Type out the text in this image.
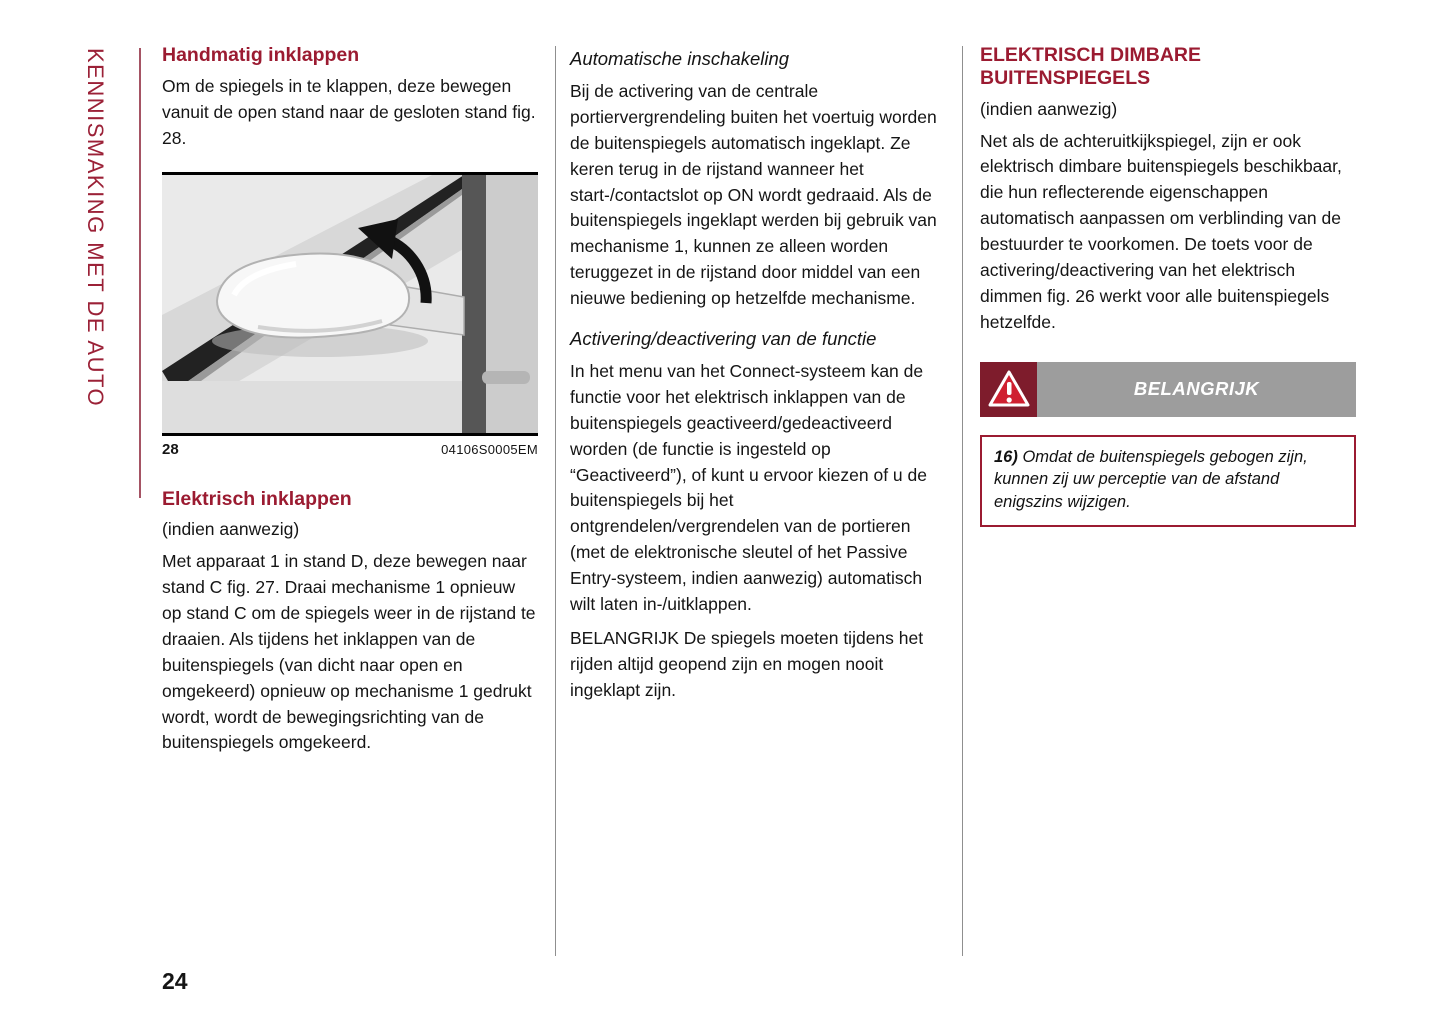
KENNISMAKING MET DE AUTO	Handmatig inklappen

Om de spiegels in te klappen, deze bewegen vanuit de open stand naar de gesloten stand fig. 28.

28	04106S0005EM
Elektrisch inklappen
(indien aanwezig)

Met apparaat 1 in stand D, deze bewegen naar stand C fig. 27. Draai mechanisme 1 opnieuw op stand C om de spiegels weer in de rijstand te draaien. Als tijdens het inklappen van de buitenspiegels (van dicht naar open en omgekeerd) opnieuw op mechanisme 1 gedrukt wordt, wordt de bewegingsrichting van de buitenspiegels omgekeerd.

Automatische inschakeling

Bij de activering van de centrale portiervergrendeling buiten het voertuig worden de buitenspiegels automatisch ingeklapt. Ze keren terug in de rijstand wanneer het start-/contactslot op ON wordt gedraaid. Als de buitenspiegels ingeklapt werden bij gebruik van mechanisme 1, kunnen ze alleen worden teruggezet in de rijstand door middel van een nieuwe bediening op hetzelfde mechanisme.

Activering/deactivering van de functie

In het menu van het Connect-systeem kan de functie voor het elektrisch inklappen van de buitenspiegels geactiveerd/gedeactiveerd worden (de functie is ingesteld op “Geactiveerd”), of kunt u ervoor kiezen of u de buitenspiegels bij het ontgrendelen/vergrendelen van de portieren (met de elektronische sleutel of het Passive Entry-systeem, indien aanwezig) automatisch wilt laten in-/uitklappen.

BELANGRIJK De spiegels moeten tijdens het rijden altijd geopend zijn en mogen nooit ingeklapt zijn.

ELEKTRISCH DIMBARE BUITENSPIEGELS
(indien aanwezig)

Net als de achteruitkijkspiegel, zijn er ook elektrisch dimbare buitenspiegels beschikbaar, die hun reflecterende eigenschappen automatisch aanpassen om verblinding van de bestuurder te voorkomen. De toets voor de activering/deactivering van het elektrisch dimmen fig. 26 werkt voor alle buitenspiegels hetzelfde.

BELANGRIJK
16) Omdat de buitenspiegels gebogen zijn, kunnen zij uw perceptie van de afstand enigszins wijzigen.
24
